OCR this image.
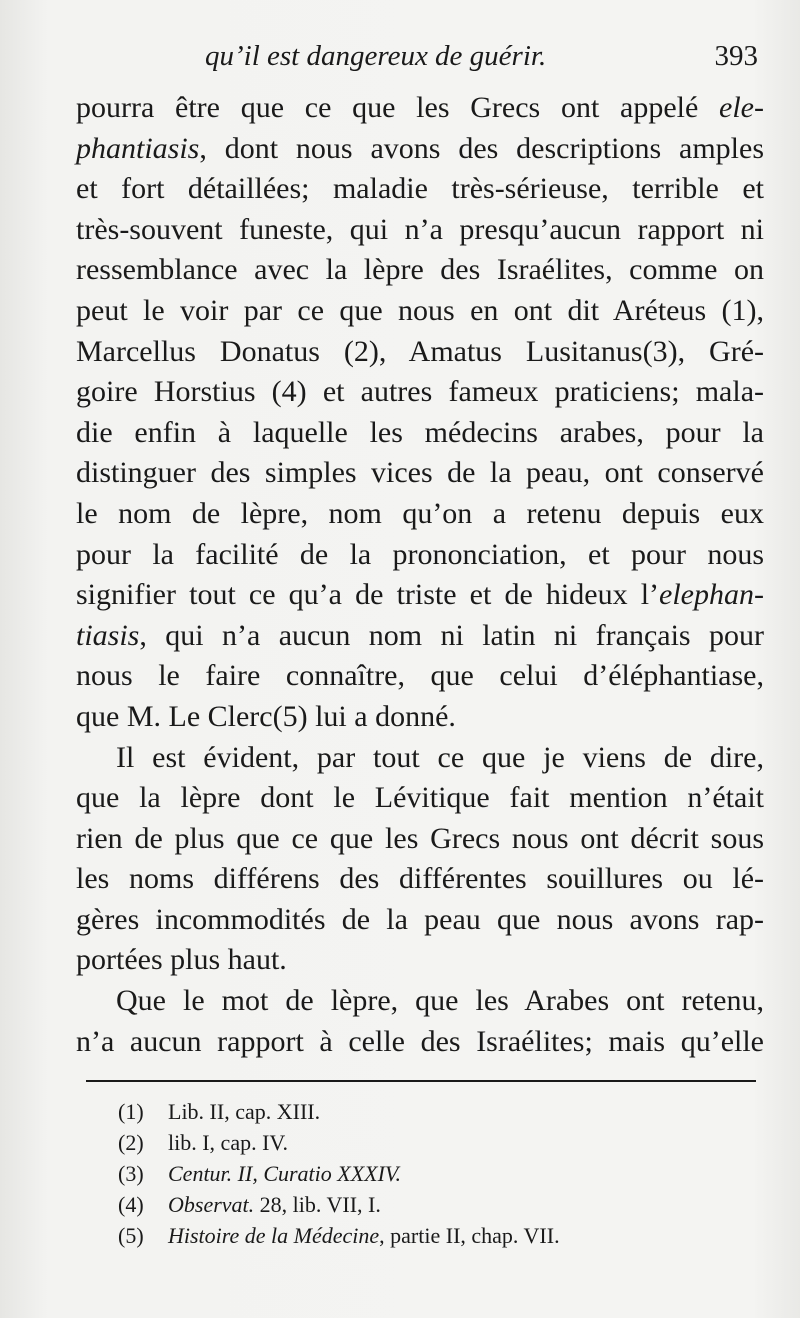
qu’il est dangereux de guérir.	393

pourra être que ce que les Grecs ont appelé ele-
phantiasis, dont nous avons des descriptions amples
et fort détaillées; maladie très-sérieuse, terrible et
très-souvent funeste, qui n’a presqu’aucun rapport ni
ressemblance avec la lèpre des Israélites, comme on
peut le voir par ce que nous en ont dit Aréteus (1),
Marcellus Donatus (2), Amatus Lusitanus(3), Gré-
goire Horstius (4) et autres fameux praticiens; mala-
die enfin à laquelle les médecins arabes, pour la
distinguer des simples vices de la peau, ont conservé
le nom de lèpre, nom qu’on a retenu depuis eux
pour la facilité de la prononciation, et pour nous
signifier tout ce qu’a de triste et de hideux l’elephan-
tiasis, qui n’a aucun nom ni latin ni français pour
nous le faire connaître, que celui d’éléphantiase,
que M. Le Clerc(5) lui a donné.

Il est évident, par tout ce que je viens de dire,
que la lèpre dont le Lévitique fait mention n’était
rien de plus que ce que les Grecs nous ont décrit sous
les noms différens des différentes souillures ou lé-
gères incommodités de la peau que nous avons rap-
portées plus haut.

Que le mot de lèpre, que les Arabes ont retenu,
n’a aucun rapport à celle des Israélites; mais qu’elle

(1) Lib. II, cap. XIII.
(2) lib. I, cap. IV.
(3) Centur. II, Curatio XXXIV.
(4) Observat. 28, lib. VII, I.
(5) Histoire de la Médecine, partie II, chap. VII.
